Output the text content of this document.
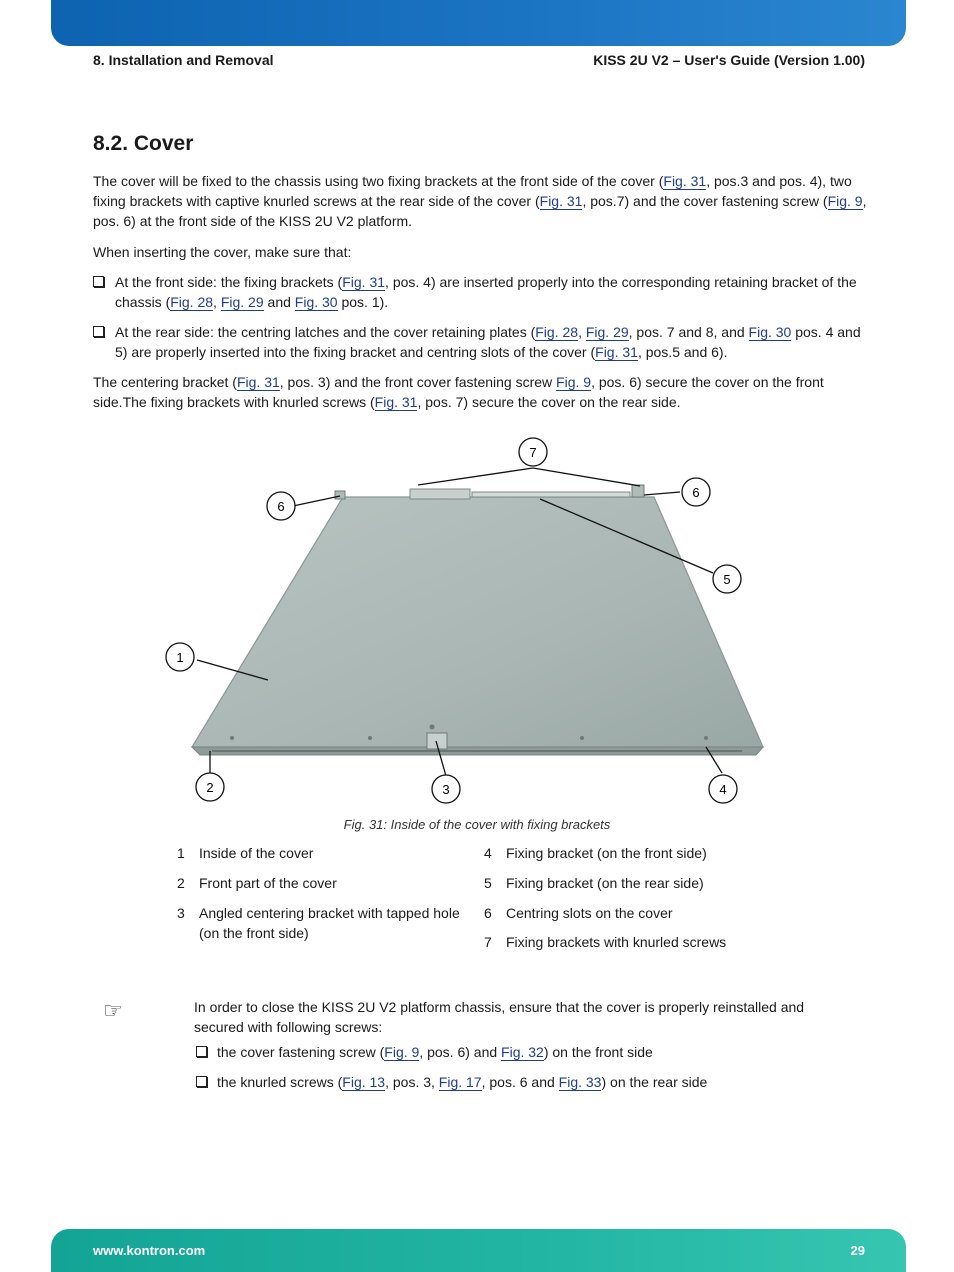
8. Installation and Removal	KISS 2U V2 – User's Guide (Version 1.00)
8.2. Cover
The cover will be fixed to the chassis using two fixing brackets at the front side of the cover (Fig. 31, pos.3 and pos. 4), two fixing brackets with captive knurled screws at the rear side of the cover (Fig. 31, pos.7) and the cover fastening screw (Fig. 9, pos. 6) at the front side of the KISS 2U V2 platform.
When inserting the cover, make sure that:
At the front side: the fixing brackets (Fig. 31, pos. 4) are inserted properly into the corresponding retaining bracket of the chassis (Fig. 28, Fig. 29 and Fig. 30 pos. 1).
At the rear side: the centring latches and the cover retaining plates (Fig. 28, Fig. 29, pos. 7 and 8, and Fig. 30 pos. 4 and 5) are properly inserted into the fixing bracket and centring slots of the cover (Fig. 31, pos.5 and 6).
The centering bracket (Fig. 31, pos. 3) and the front cover fastening screw Fig. 9, pos. 6) secure the cover on the front side.The fixing brackets with knurled screws (Fig. 31, pos. 7) secure the cover on the rear side.
7
6
6
5
1
2	3	4
Fig. 31: Inside of the cover with fixing brackets
1	Inside of the cover
2	Front part of the cover
3	Angled centering bracket with tapped hole (on the front side)
4	Fixing bracket (on the front side)
5	Fixing bracket (on the rear side)
6	Centring slots on the cover
7	Fixing brackets with knurled screws
☞	In order to close the KISS 2U V2 platform chassis, ensure that the cover is properly reinstalled and secured with following screws:
the cover fastening screw (Fig. 9, pos. 6) and Fig. 32) on the front side
the knurled screws (Fig. 13, pos. 3, Fig. 17, pos. 6 and Fig. 33) on the rear side
www.kontron.com	29
